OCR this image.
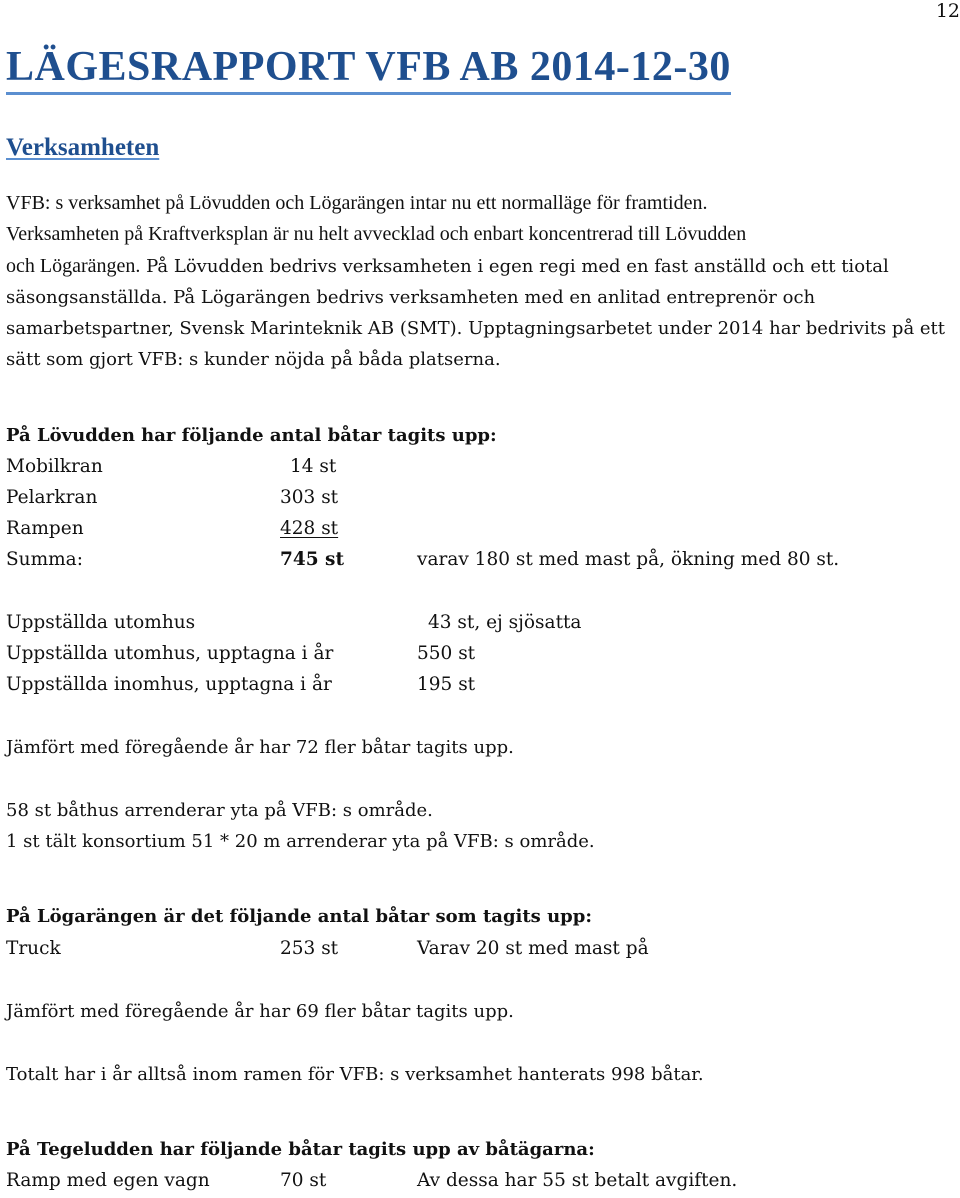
12
LÄGESRAPPORT VFB AB 2014-12-30
Verksamheten
VFB: s verksamhet på Lövudden och Lögarängen intar nu ett normalläge för framtiden.
Verksamheten på Kraftverksplan är nu helt avvecklad och enbart koncentrerad till Lövudden
och Lögarängen. På Lövudden bedrivs verksamheten i egen regi med en fast anställd och ett tiotal säsongsanställda. På Lögarängen bedrivs verksamheten med en anlitad entreprenör och samarbetspartner, Svensk Marinteknik AB (SMT). Upptagningsarbetet under 2014 har bedrivits på ett sätt som gjort VFB: s kunder nöjda på båda platserna.
På Lövudden har följande antal båtar tagits upp:
Mobilkran	14 st
Pelarkran	303 st
Rampen	428 st
Summa:	745 st	varav 180 st med mast på, ökning med 80 st.
Uppställda utomhus	43 st, ej sjösatta
Uppställda utomhus, upptagna i år	550 st
Uppställda inomhus, upptagna i år	195 st
Jämfört med föregående år har 72 fler båtar tagits upp.
58 st båthus arrenderar yta på VFB: s område.
1 st tält konsortium 51 * 20 m arrenderar yta på VFB: s område.
På Lögarängen är det följande antal båtar som tagits upp:
Truck	253 st	Varav 20 st med mast på
Jämfört med föregående år har 69 fler båtar tagits upp.
Totalt har i år alltså inom ramen för VFB: s verksamhet hanterats 998 båtar.
På Tegeludden har följande båtar tagits upp av båtägarna:
Ramp med egen vagn	70 st	Av dessa har 55 st betalt avgiften.
